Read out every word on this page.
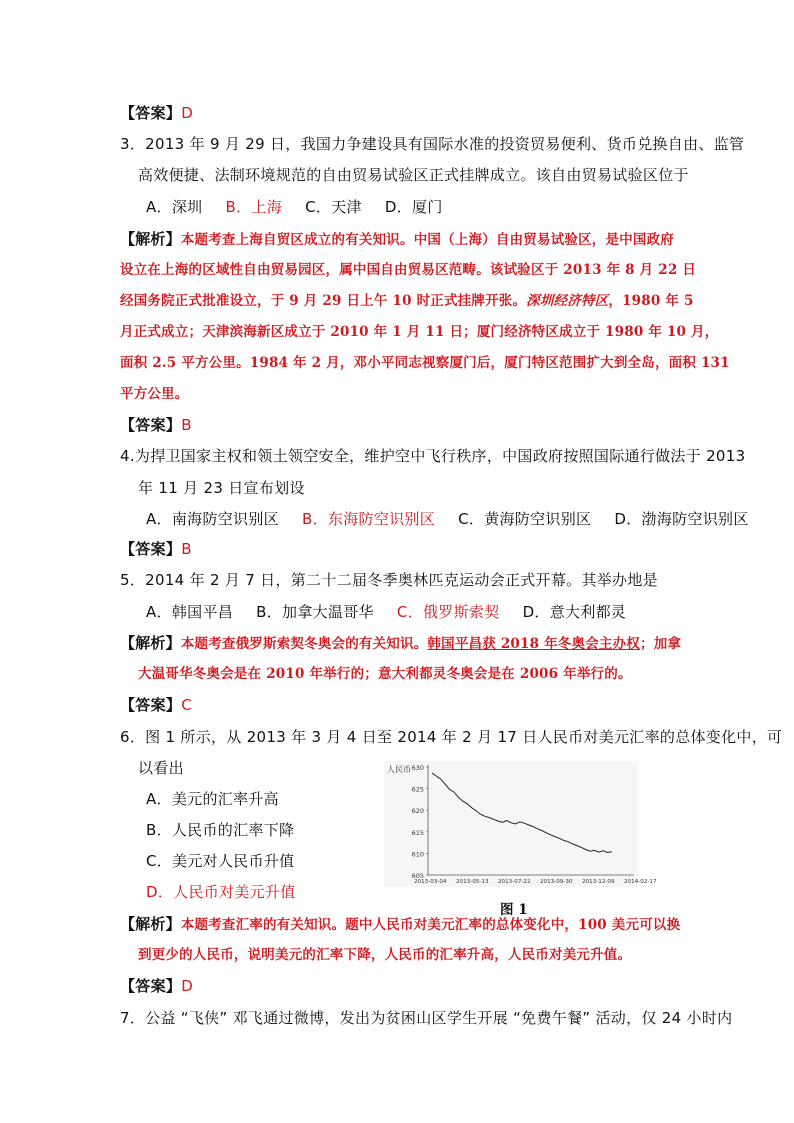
【答案】D
3．2013 年 9 月 29 日，我国力争建设具有国际水准的投资贸易便利、货币兑换自由、监管
高效便捷、法制环境规范的自由贸易试验区正式挂牌成立。该自由贸易试验区位于
A．深圳 B．上海 C．天津 D．厦门
【解析】本题考查上海自贸区成立的有关知识。中国（上海）自由贸易试验区，是中国政府
设立在上海的区域性自由贸易园区，属中国自由贸易区范畴。该试验区于 2013 年 8 月 22 日
经国务院正式批准设立，于 9 月 29 日上午 10 时正式挂牌开张。深圳经济特区，1980 年 5
月正式成立；天津滨海新区成立于 2010 年 1 月 11 日；厦门经济特区成立于 1980 年 10 月，
面积 2.5 平方公里。1984 年 2 月，邓小平同志视察厦门后，厦门特区范围扩大到全岛，面积 131
平方公里。
【答案】B
4.为捍卫国家主权和领土领空安全，维护空中飞行秩序，中国政府按照国际通行做法于 2013
年 11 月 23 日宣布划设
A．南海防空识别区 B．东海防空识别区 C．黄海防空识别区 D．渤海防空识别区
【答案】B
5．2014 年 2 月 7 日，第二十二届冬季奥林匹克运动会正式开幕。其举办地是
A．韩国平昌 B．加拿大温哥华 C．俄罗斯索契 D．意大利都灵
【解析】本题考查俄罗斯索契冬奥会的有关知识。韩国平昌获 2018 年冬奥会主办权；加拿
大温哥华冬奥会是在 2010 年举行的；意大利都灵冬奥会是在 2006 年举行的。
【答案】C
6．图 1 所示，从 2013 年 3 月 4 日至 2014 年 2 月 17 日人民币对美元汇率的总体变化中，可
以看出
A．美元的汇率升高
B．人民币的汇率下降
C．美元对人民币升值
D．人民币对美元升值
人民币 630
625
620
615
610
605
2013-03-04 2013-05-13 2013-07-22 2013-09-30 2013-12-09 2014-02-17
图 1
【解析】本题考查汇率的有关知识。题中人民币对美元汇率的总体变化中，100 美元可以换
到更少的人民币，说明美元的汇率下降，人民币的汇率升高，人民币对美元升值。
【答案】D
7．公益 “飞侠” 邓飞通过微博，发出为贫困山区学生开展 “免费午餐” 活动，仅 24 小时内
